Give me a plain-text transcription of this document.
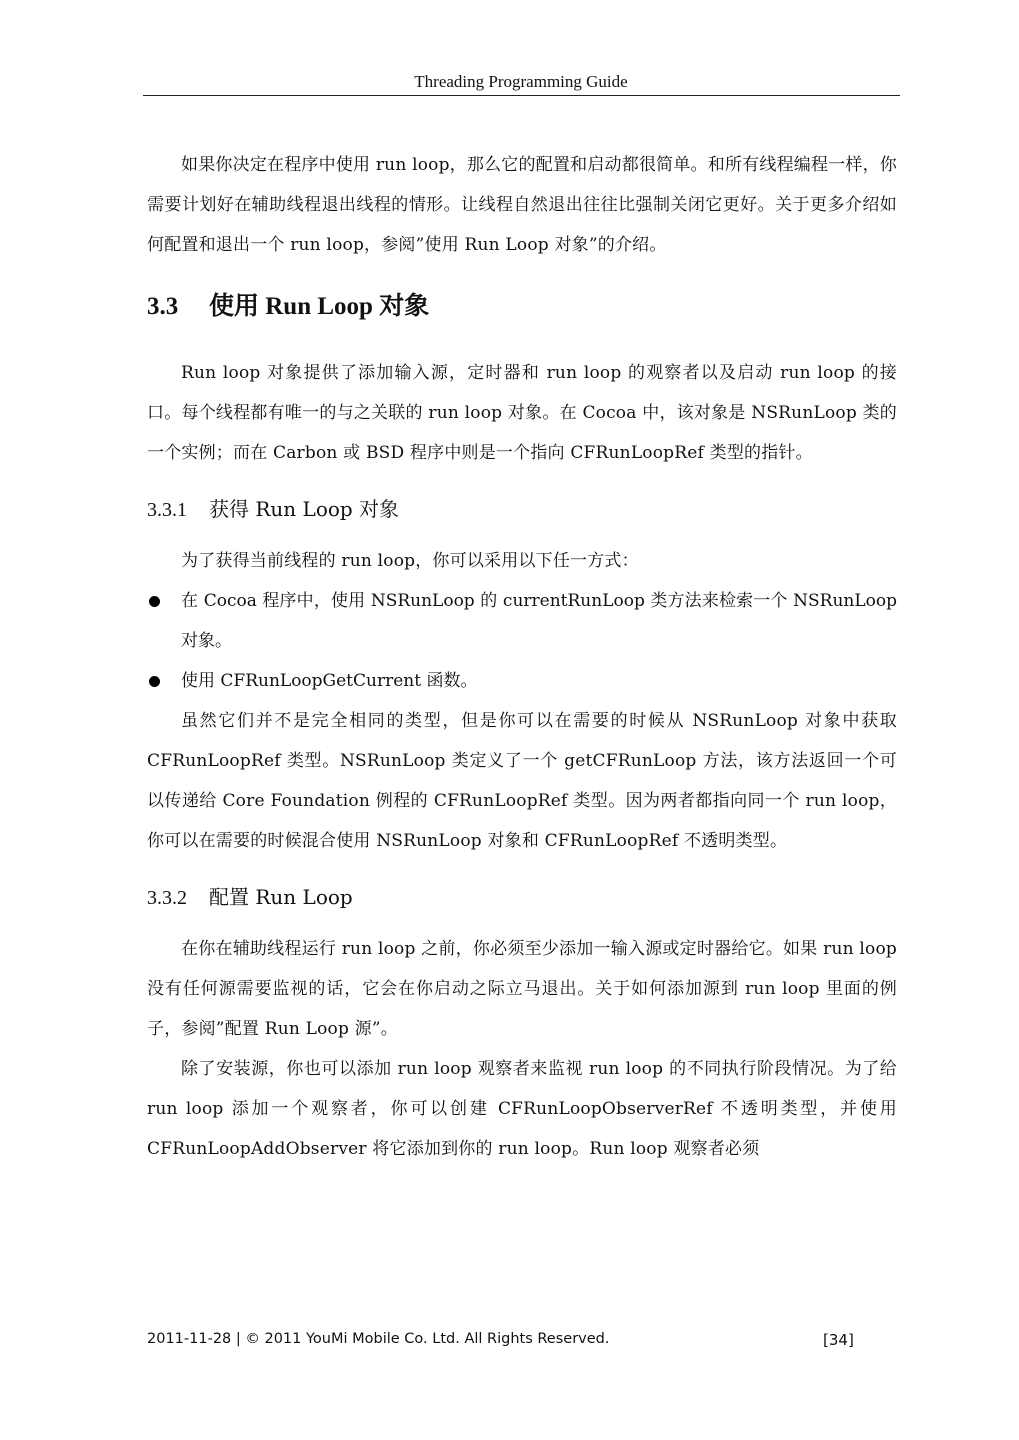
Threading Programming Guide

如果你决定在程序中使用 run loop，那么它的配置和启动都很简单。和所有线程编程一样，你需要计划好在辅助线程退出线程的情形。让线程自然退出往往比强制关闭它更好。关于更多介绍如何配置和退出一个 run loop，参阅”使用 Run Loop 对象”的介绍。

3.3 使用 Run Loop 对象

Run loop 对象提供了添加输入源，定时器和 run loop 的观察者以及启动 run loop 的接口。每个线程都有唯一的与之关联的 run loop 对象。在 Cocoa 中，该对象是 NSRunLoop 类的一个实例；而在 Carbon 或 BSD 程序中则是一个指向 CFRunLoopRef 类型的指针。

3.3.1 获得 Run Loop 对象

为了获得当前线程的 run loop，你可以采用以下任一方式：

在 Cocoa 程序中，使用 NSRunLoop 的 currentRunLoop 类方法来检索一个 NSRunLoop 对象。
使用 CFRunLoopGetCurrent 函数。

虽然它们并不是完全相同的类型，但是你可以在需要的时候从 NSRunLoop 对象中获取 CFRunLoopRef 类型。NSRunLoop 类定义了一个 getCFRunLoop 方法，该方法返回一个可以传递给 Core Foundation 例程的 CFRunLoopRef 类型。因为两者都指向同一个 run loop，你可以在需要的时候混合使用 NSRunLoop 对象和 CFRunLoopRef 不透明类型。

3.3.2 配置 Run Loop

在你在辅助线程运行 run loop 之前，你必须至少添加一输入源或定时器给它。如果 run loop 没有任何源需要监视的话，它会在你启动之际立马退出。关于如何添加源到 run loop 里面的例子，参阅”配置 Run Loop 源”。

除了安装源，你也可以添加 run loop 观察者来监视 run loop 的不同执行阶段情况。为了给 run loop 添加一个观察者，你可以创建 CFRunLoopObserverRef 不透明类型，并使用 CFRunLoopAddObserver 将它添加到你的 run loop。Run loop 观察者必须

2011-11-28 | © 2011 YouMi Mobile Co. Ltd. All Rights Reserved.	[34]
